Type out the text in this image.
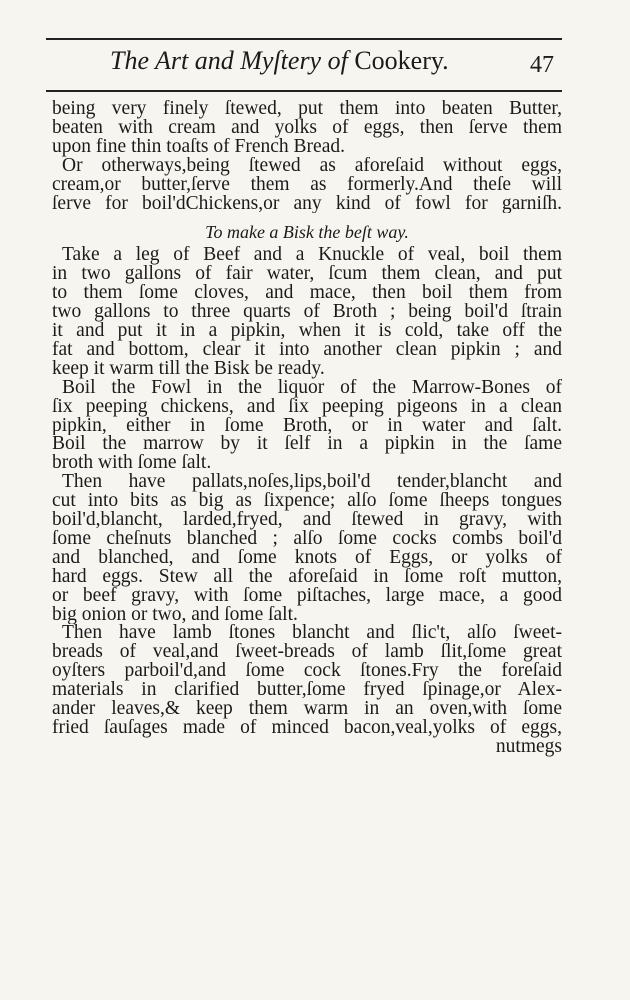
The Art and Myſtery of Cookery.	47
being very finely ſtewed, put them into beaten Butter,
beaten with cream and yolks of eggs, then ſerve them
upon fine thin toaſts of French Bread.
Or otherways,being ſtewed as aforeſaid without eggs,
cream,or butter,ſerve them as formerly.And theſe will
ſerve for boil'dChickens,or any kind of fowl for garniſh.
To make a Bisk the beſt way.
Take a leg of Beef and a Knuckle of veal, boil them
in two gallons of fair water, ſcum them clean, and put
to them ſome cloves, and mace, then boil them from
two gallons to three quarts of Broth ; being boil'd ſtrain
it and put it in a pipkin, when it is cold, take off the
fat and bottom, clear it into another clean pipkin ; and
keep it warm till the Bisk be ready.
Boil the Fowl in the liquor of the Marrow-Bones of
ſix peeping chickens, and ſix peeping pigeons in a clean
pipkin, either in ſome Broth, or in water and ſalt.
Boil the marrow by it ſelf in a pipkin in the ſame
broth with ſome ſalt.
Then have pallats,noſes,lips,boil'd tender,blancht and
cut into bits as big as ſixpence; alſo ſome ſheeps tongues
boil'd,blancht, larded,fryed, and ſtewed in gravy, with
ſome cheſnuts blanched ; alſo ſome cocks combs boil'd
and blanched, and ſome knots of Eggs, or yolks of
hard eggs. Stew all the aforeſaid in ſome roſt mutton,
or beef gravy, with ſome piſtaches, large mace, a good
big onion or two, and ſome ſalt.
Then have lamb ſtones blancht and ſlic't, alſo ſweet-
breads of veal,and ſweet-breads of lamb ſlit,ſome great
oyſters parboil'd,and ſome cock ſtones.Fry the foreſaid
materials in clarified butter,ſome fryed ſpinage,or Alex-
ander leaves,& keep them warm in an oven,with ſome
fried ſauſages made of minced bacon,veal,yolks of eggs,
nutmegs
